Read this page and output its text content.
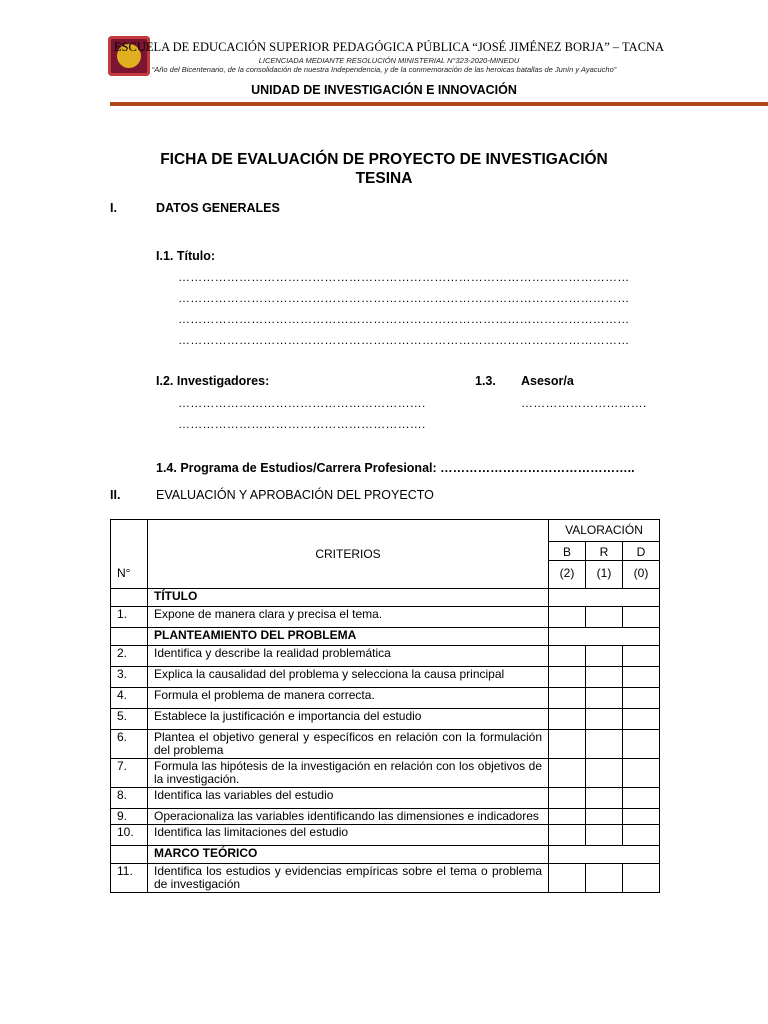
ESCUELA DE EDUCACIÓN SUPERIOR PEDAGÓGICA PÚBLICA “JOSÉ JIMÉNEZ BORJA” – TACNA
LICENCIADA MEDIANTE RESOLUCIÓN MINISTERIAL N°323-2020-MINEDU
“Año del Bicentenario, de la consolidación de nuestra Independencia, y de la conmemoración de las heroicas batallas de Junín y Ayacucho”
UNIDAD DE INVESTIGACIÓN E INNOVACIÓN
FICHA DE EVALUACIÓN DE PROYECTO DE INVESTIGACIÓN
TESINA
I.	DATOS GENERALES
I.1. Título:
…………………………………………………………………………………………………
…………………………………………………………………………………………………
…………………………………………………………………………………………………
…………………………………………………………………………………………………
I.2. Investigadores:	1.3. Asesor/a
…………………………………………………….	………………………….
…………………………………………………….
1.4. Programa de Estudios/Carrera Profesional: ………………………………………..
II.	EVALUACIÓN Y APROBACIÓN DEL PROYECTO
N°	CRITERIOS	VALORACIÓN		
		B	R	D
		(2)	(1)	(0)
	TÍTULO			
1.	Expone de manera clara y precisa el tema.			
	PLANTEAMIENTO DEL PROBLEMA			
2.	Identifica y describe la realidad problemática			
3.	Explica la causalidad del problema y selecciona la causa principal			
4.	Formula el problema de manera correcta.			
5.	Establece la justificación e importancia del estudio			
6.	Plantea el objetivo general y específicos en relación con la formulación del problema			
7.	Formula las hipótesis de la investigación en relación con los objetivos de la investigación.			
8.	Identifica las variables del estudio			
9.	Operacionaliza las variables identificando las dimensiones e indicadores			
10.	Identifica las limitaciones del estudio			
	MARCO TEÓRICO			
11.	Identifica los estudios y evidencias empíricas sobre el tema o problema de investigación			
